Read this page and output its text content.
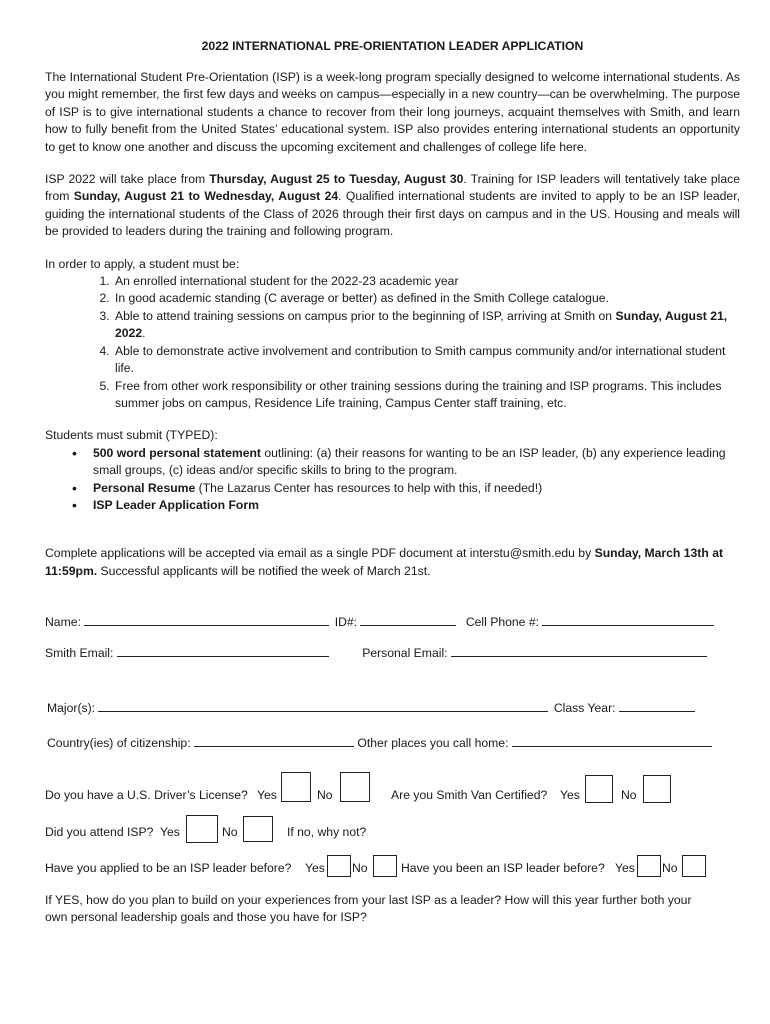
2022 INTERNATIONAL PRE-ORIENTATION LEADER APPLICATION

The International Student Pre-Orientation (ISP) is a week-long program specially designed to welcome international students. As you might remember, the first few days and weeks on campus—especially in a new country—can be overwhelming. The purpose of ISP is to give international students a chance to recover from their long journeys, acquaint themselves with Smith, and learn how to fully benefit from the United States’ educational system. ISP also provides entering international students an opportunity to get to know one another and discuss the upcoming excitement and challenges of college life here.

ISP 2022 will take place from Thursday, August 25 to Tuesday, August 30. Training for ISP leaders will tentatively take place from Sunday, August 21 to Wednesday, August 24. Qualified international students are invited to apply to be an ISP leader, guiding the international students of the Class of 2026 through their first days on campus and in the US. Housing and meals will be provided to leaders during the training and following program.

In order to apply, a student must be:
1. An enrolled international student for the 2022-23 academic year
2. In good academic standing (C average or better) as defined in the Smith College catalogue.
3. Able to attend training sessions on campus prior to the beginning of ISP, arriving at Smith on Sunday, August 21, 2022.
4. Able to demonstrate active involvement and contribution to Smith campus community and/or international student life.
5. Free from other work responsibility or other training sessions during the training and ISP programs. This includes summer jobs on campus, Residence Life training, Campus Center staff training, etc.
Students must submit (TYPED):
• 500 word personal statement outlining: (a) their reasons for wanting to be an ISP leader, (b) any experience leading small groups, (c) ideas and/or specific skills to bring to the program.
• Personal Resume (The Lazarus Center has resources to help with this, if needed!)
• ISP Leader Application Form

Complete applications will be accepted via email as a single PDF document at interstu@smith.edu by Sunday, March 13th at 11:59pm. Successful applicants will be notified the week of March 21st.

Name:	ID#:	Cell Phone #:
Smith Email:	Personal Email:
Major(s):	Class Year:
Country(ies) of citizenship:	Other places you call home:
Do you have a U.S. Driver’s License? Yes	No	Are you Smith Van Certified? Yes	No
Did you attend ISP? Yes	No	If no, why not?
Have you applied to be an ISP leader before? Yes No	Have you been an ISP leader before? Yes No
If YES, how do you plan to build on your experiences from your last ISP as a leader? How will this year further both your own personal leadership goals and those you have for ISP?
